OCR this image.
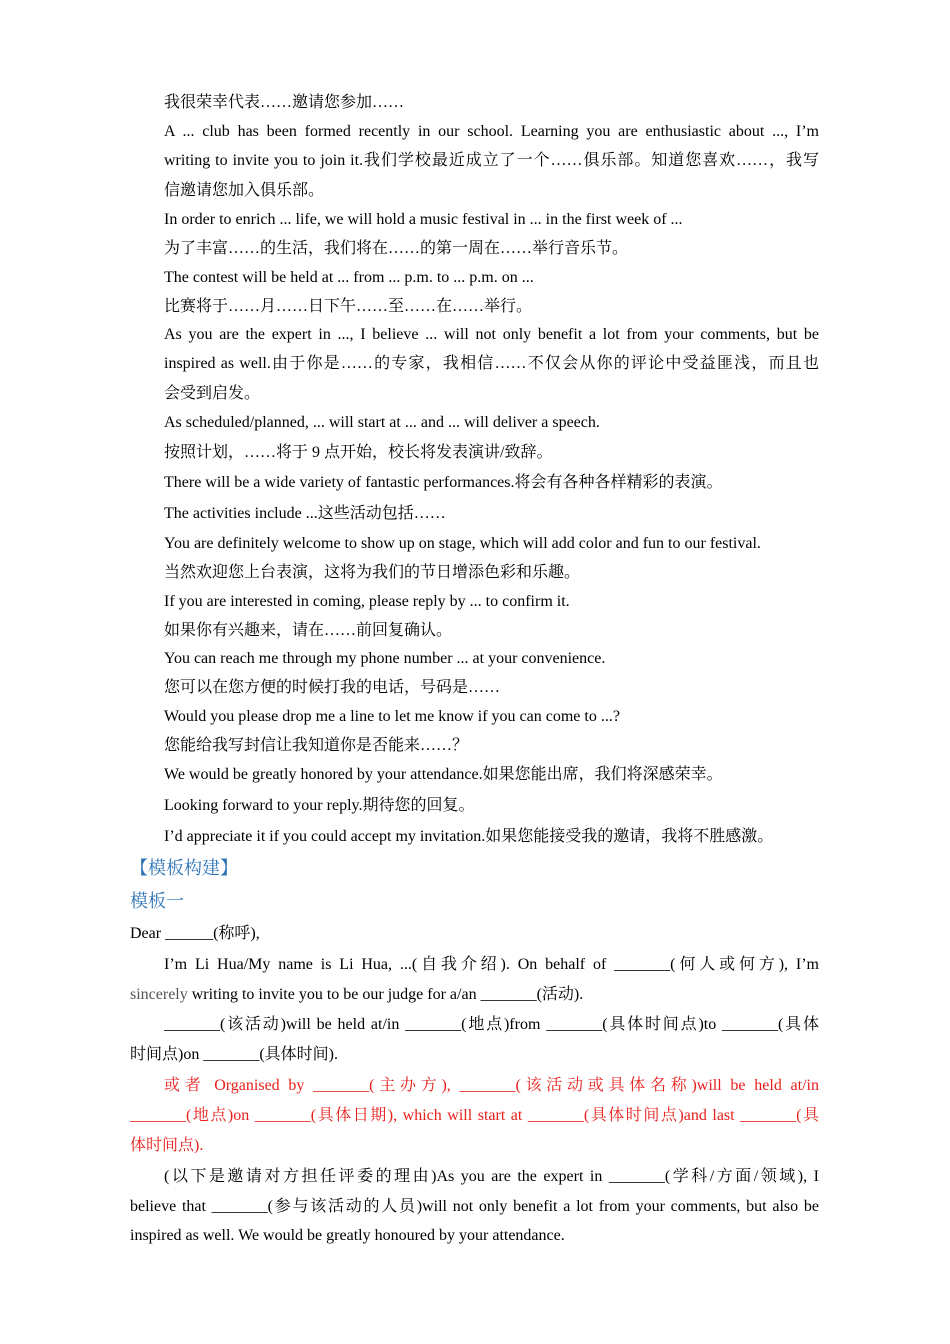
我很荣幸代表……邀请您参加……
A ... club has been formed recently in our school. Learning you are enthusiastic about ..., I’m
writing to invite you to join it.我们学校最近成立了一个……俱乐部。知道您喜欢……，我写
信邀请您加入俱乐部。
In order to enrich ... life, we will hold a music festival in ... in the first week of ...
为了丰富……的生活，我们将在……的第一周在……举行音乐节。
The contest will be held at ... from ... p.m. to ... p.m. on ...
比赛将于……月……日下午……至……在……举行。
As you are the expert in ..., I believe ... will not only benefit a lot from your comments, but be
inspired as well.由于你是……的专家，我相信……不仅会从你的评论中受益匪浅，而且也
会受到启发。
As scheduled/planned, ... will start at ... and ... will deliver a speech.
按照计划，……将于 9 点开始，校长将发表演讲/致辞。
There will be a wide variety of fantastic performances.将会有各种各样精彩的表演。
The activities include ...这些活动包括……
You are definitely welcome to show up on stage, which will add color and fun to our festival.
当然欢迎您上台表演，这将为我们的节日增添色彩和乐趣。
If you are interested in coming, please reply by ... to confirm it.
如果你有兴趣来，请在……前回复确认。
You can reach me through my phone number ... at your convenience.
您可以在您方便的时候打我的电话，号码是……
Would you please drop me a line to let me know if you can come to ...?
您能给我写封信让我知道你是否能来……？
We would be greatly honored by your attendance.如果您能出席，我们将深感荣幸。
Looking forward to your reply.期待您的回复。
I’d appreciate it if you could accept my invitation.如果您能接受我的邀请，我将不胜感激。
【模板构建】
模板一
Dear ______(称呼),
I’m Li Hua/My name is Li Hua, ...(自我介绍). On behalf of _______(何人或何方), I’m
sincerely writing to invite you to be our judge for a/an _______(活动).
_______(该活动)will be held at/in _______(地点)from _______(具体时间点)to _______(具体
时间点)on _______(具体时间).
或者 Organised by _______(主办方), _______(该活动或具体名称)will be held at/in
_______(地点)on _______(具体日期), which will start at _______(具体时间点)and last _______(具
体时间点).
(以下是邀请对方担任评委的理由)As you are the expert in _______(学科/方面/领域), I
believe that _______(参与该活动的人员)will not only benefit a lot from your comments, but also be
inspired as well. We would be greatly honoured by your attendance.
